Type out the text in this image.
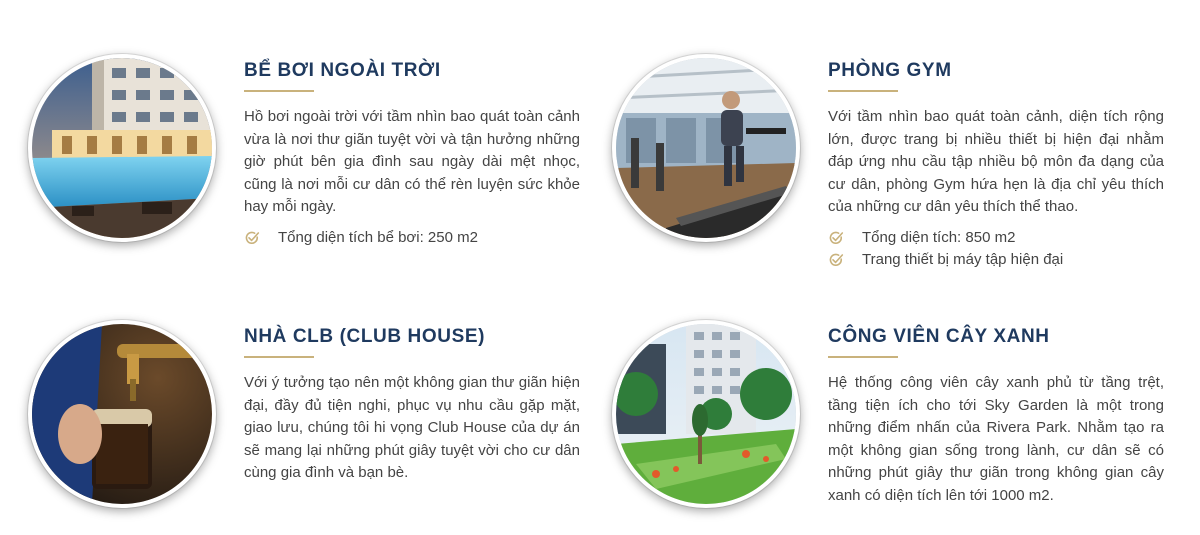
BỂ BƠI NGOÀI TRỜI

Hồ bơi ngoài trời với tầm nhìn bao quát toàn cảnh vừa là nơi thư giãn tuyệt vời và tận hưởng những giờ phút bên gia đình sau ngày dài mệt nhọc, cũng là nơi mỗi cư dân có thể rèn luyện sức khỏe hay mỗi ngày.

Tổng diện tích bể bơi: 250 m2
PHÒNG GYM

Với tầm nhìn bao quát toàn cảnh, diện tích rộng lớn, được trang bị nhiều thiết bị hiện đại nhằm đáp ứng nhu cầu tập nhiều bộ môn đa dạng của cư dân, phòng Gym hứa hẹn là địa chỉ yêu thích của những cư dân yêu thích thể thao.

Tổng diện tích: 850 m2
Trang thiết bị máy tập hiện đại
NHÀ CLB (CLUB HOUSE)

Với ý tưởng tạo nên một không gian thư giãn hiện đại, đầy đủ tiện nghi, phục vụ nhu cầu gặp mặt, giao lưu, chúng tôi hi vọng Club House của dự án sẽ mang lại những phút giây tuyệt vời cho cư dân cùng gia đình và bạn bè.

CÔNG VIÊN CÂY XANH

Hệ thống công viên cây xanh phủ từ tầng trệt, tầng tiện ích cho tới Sky Garden là một trong những điểm nhấn của Rivera Park. Nhằm tạo ra một không gian sống trong lành, cư dân sẽ có những phút giây thư giãn trong không gian cây xanh có diện tích lên tới 1000 m2.
